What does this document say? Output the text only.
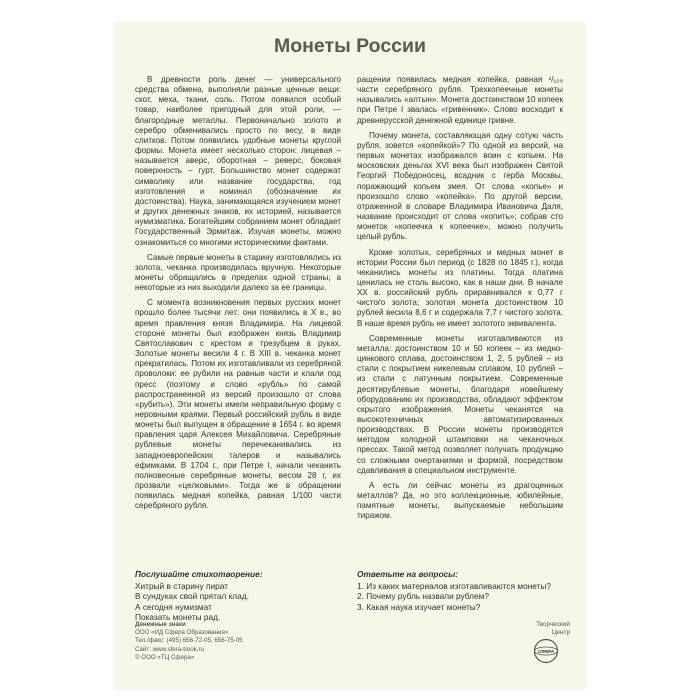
Монеты России

В древности роль денег — универсального средства обмена, выполняли разные ценные вещи: скот, меха, ткани, соль. Потом появился особый товар, наиболее пригодный для этой роли, — благородные металлы. Первоначально золото и серебро обменивались просто по весу, в виде слитков. Потом появились удобные монеты круглой формы. Монета имеет несколько сторон: лицевая – называется аверс, оборотная – реверс, боковая поверхность – гурт. Большинство монет содержат символику или название государства, год изготовления и номинал (обозначение их достоинства). Наука, занимающаяся изучением монет и других денежных знаков, их историей, называется нумизматика. Богатейшим собранием монет обладает Государственный Эрмитаж. Изучая монеты, можно ознакомиться со многими историческими фактами.

Самые первые монеты в старину изготовлялись из золота, чеканка производилась вручную. Некоторые монеты обращались в пределах одной страны, а некоторые из них выходили далеко за ее границы.

С момента возникновения первых русских монет прошло более тысячи лет: они появились в Х в., во время правления князя Владимира. На лицевой стороне монеты был изображен князь Владимир Святославович с крестом и трезубцем в руках. Золотые монеты весили 4 г. В XIII в. чеканка монет прекратилась. Потом их изготавливали из серебряной проволоки: ее рубили на равные части и клали под пресс (поэтому и слово «рубль» по самой распространенной из версий произошло от слова «рубить»). Эти монеты имели неправильную форму с неровными краями. Первый российский рубль в виде монеты был выпущен в обращение в 1654 г. во время правления царя Алексея Михайловича. Серебряные рублевые монеты перечеканивались из западноевропейских талеров и назывались ефимками. В 1704 г., при Петре I, начали чеканить полновесные серебряные монеты, весом 28 г, их прозвали «целковыми». Тогда же в обращении появилась медная копейка, равная 1/100 части серебряного рубля.

ращении появилась медная копейка, равная ¹/₁₀₀ части серебряного рубля. Трехкопеечные монеты назывались «алтын». Монета достоинством 10 копеек при Петре I звалась «гривенник». Слово восходит к древнерусской денежной единице гривне.

Почему монета, составляющая одну сотую часть рубля, зовется «копейкой»? По одной из версий, на первых монетах изображался воин с копьем. На московских деньгах XVI века был изображен Святой Георгий Победоносец, всадник с герба Москвы, поражающий копьем змея. От слова «копье» и произошло слово «копейка». По другой версии, отраженной в словаре Владимира Ивановича Даля, название происходит от слова «копить»: собрав сто монеток «копеечка к копеечке», можно получить целый рубль.

Кроме золотых, серебряных и медных монет в истории России был период (с 1828 по 1845 г.), когда чеканились монеты из платины. Тогда платина ценилась не столь высоко, как в наши дни. В начале XX в. российский рубль приравнивался к 0,77 г чистого золота; золотая монета достоинством 10 рублей весила 8,6 г и содержала 7,7 г чистого золота. В наше время рубль не имеет золотого эквивалента.

Современные монеты изготавливаются из металла: достоинством 10 и 50 копеек – из медно-цинкового сплава, достоинством 1, 2, 5 рублей – из стали с покрытием никелевым сплавом, 10 рублей – из стали с латунным покрытием. Современные десятирублевые монеты, благодаря новейшему оборудованию их производства, обладают эффектом скрытого изображения. Монеты чеканятся на высокотехничных автоматизированных производствах. В России монеты производятся методом холодной штамповки на чеканочных прессах. Такой метод позволяет получать продукцию со сложными очертаниями и формой, посредством сдавливания в специальном инструменте.

А есть ли сейчас монеты из драгоценных металлов? Да, но это коллекционные, юбилейные, памятные монеты, выпускаемые небольшим тиражом.

Послушайте стихотворение:
Хитрый в старину пират
В сундуках свой прятал клад.
А сегодня нумизмат
Показать монеты рад.
Ответьте на вопросы:
1. Из каких материалов изготавливаются монеты?
2. Почему рубль назвали рублем?
3. Какая наука изучает монеты?
Денежные знаки
ООО «ИД Сфера Образования»
Тел./факс: (495) 656-72-05, 656-75-05
Сайт: www.sfera-book.ru
© ООО «ТЦ Сфера»
Творческий
Центр
СФЕРА
